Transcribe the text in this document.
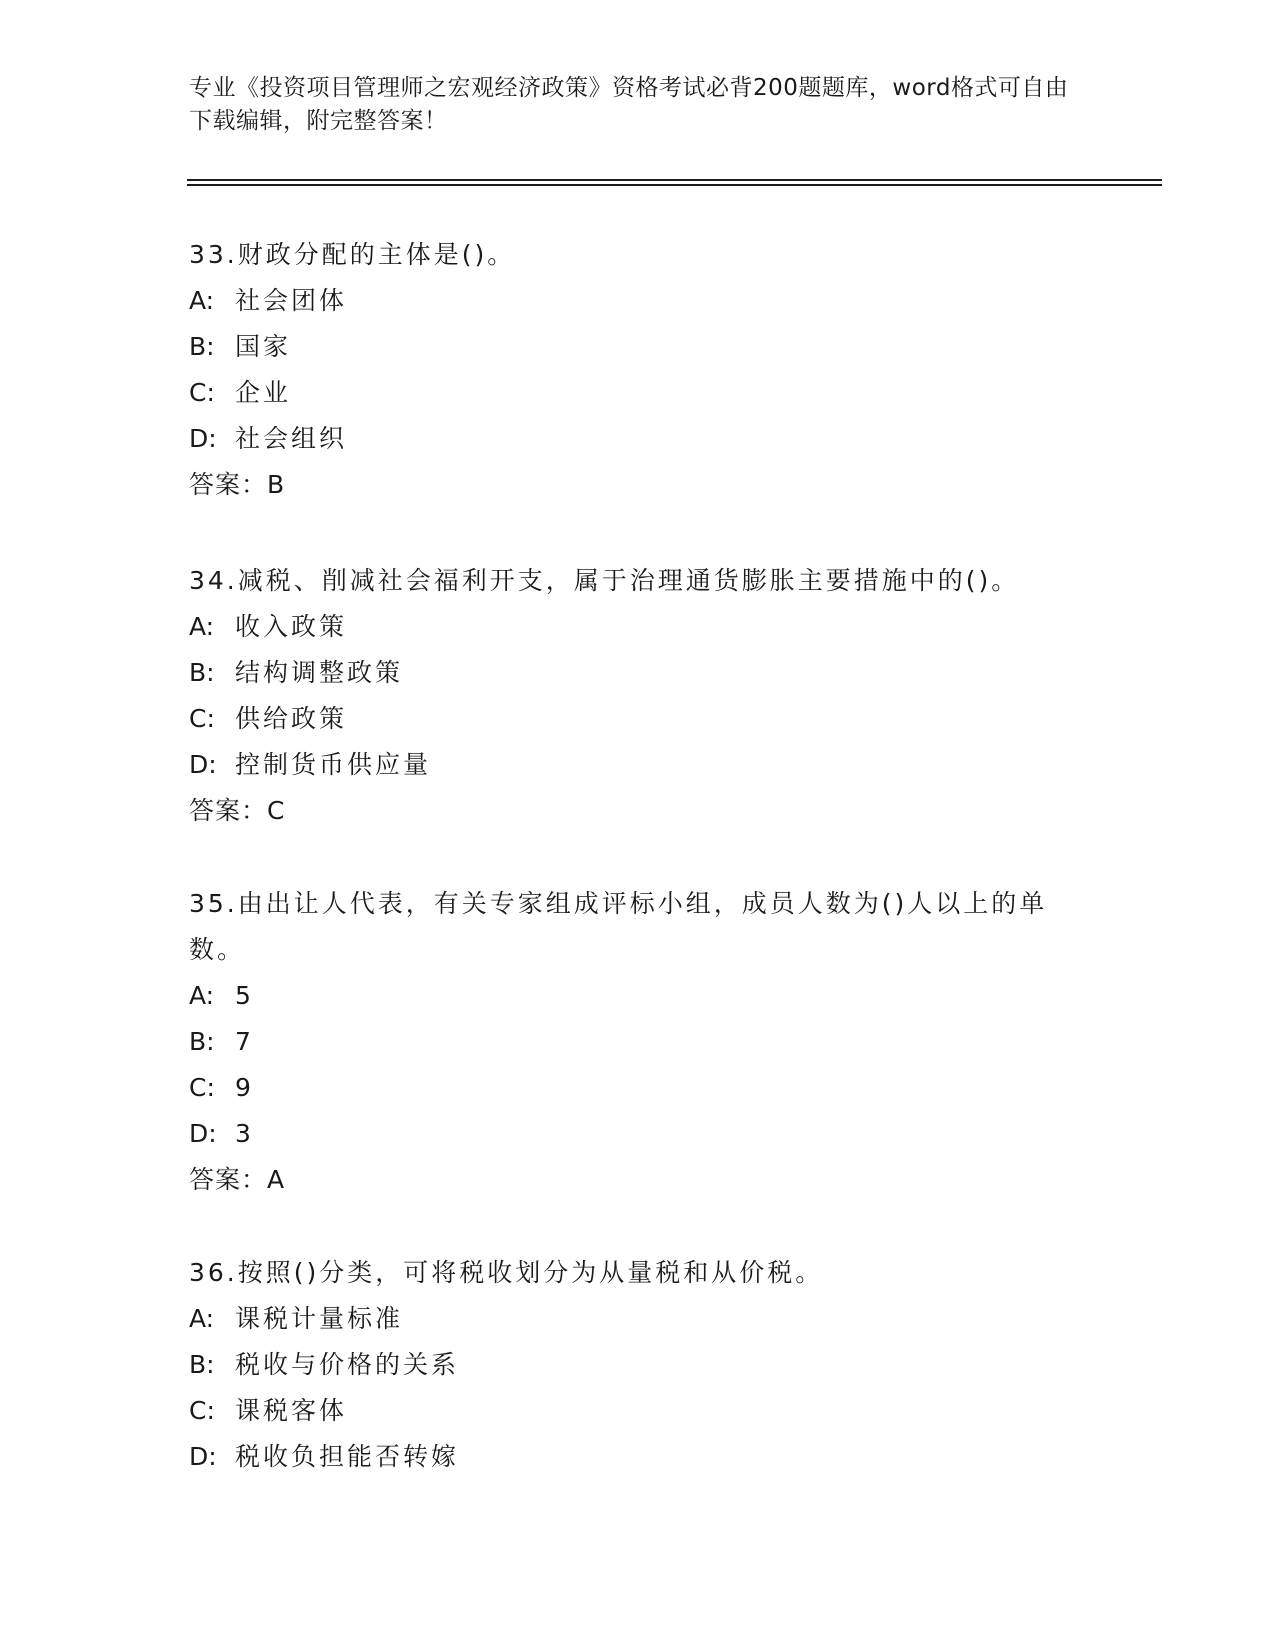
专业《投资项目管理师之宏观经济政策》资格考试必背200题题库，word格式可自由下载编辑，附完整答案！

33.财政分配的主体是()。

A: 社会团体
B: 国家
C: 企业
D: 社会组织
答案：B

34.减税、削减社会福利开支，属于治理通货膨胀主要措施中的()。

A: 收入政策
B: 结构调整政策
C: 供给政策
D: 控制货币供应量
答案：C

35.由出让人代表，有关专家组成评标小组，成员人数为()人以上的单数。

A: 5
B: 7
C: 9
D: 3
答案：A

36.按照()分类，可将税收划分为从量税和从价税。

A: 课税计量标准
B: 税收与价格的关系
C: 课税客体
D: 税收负担能否转嫁
